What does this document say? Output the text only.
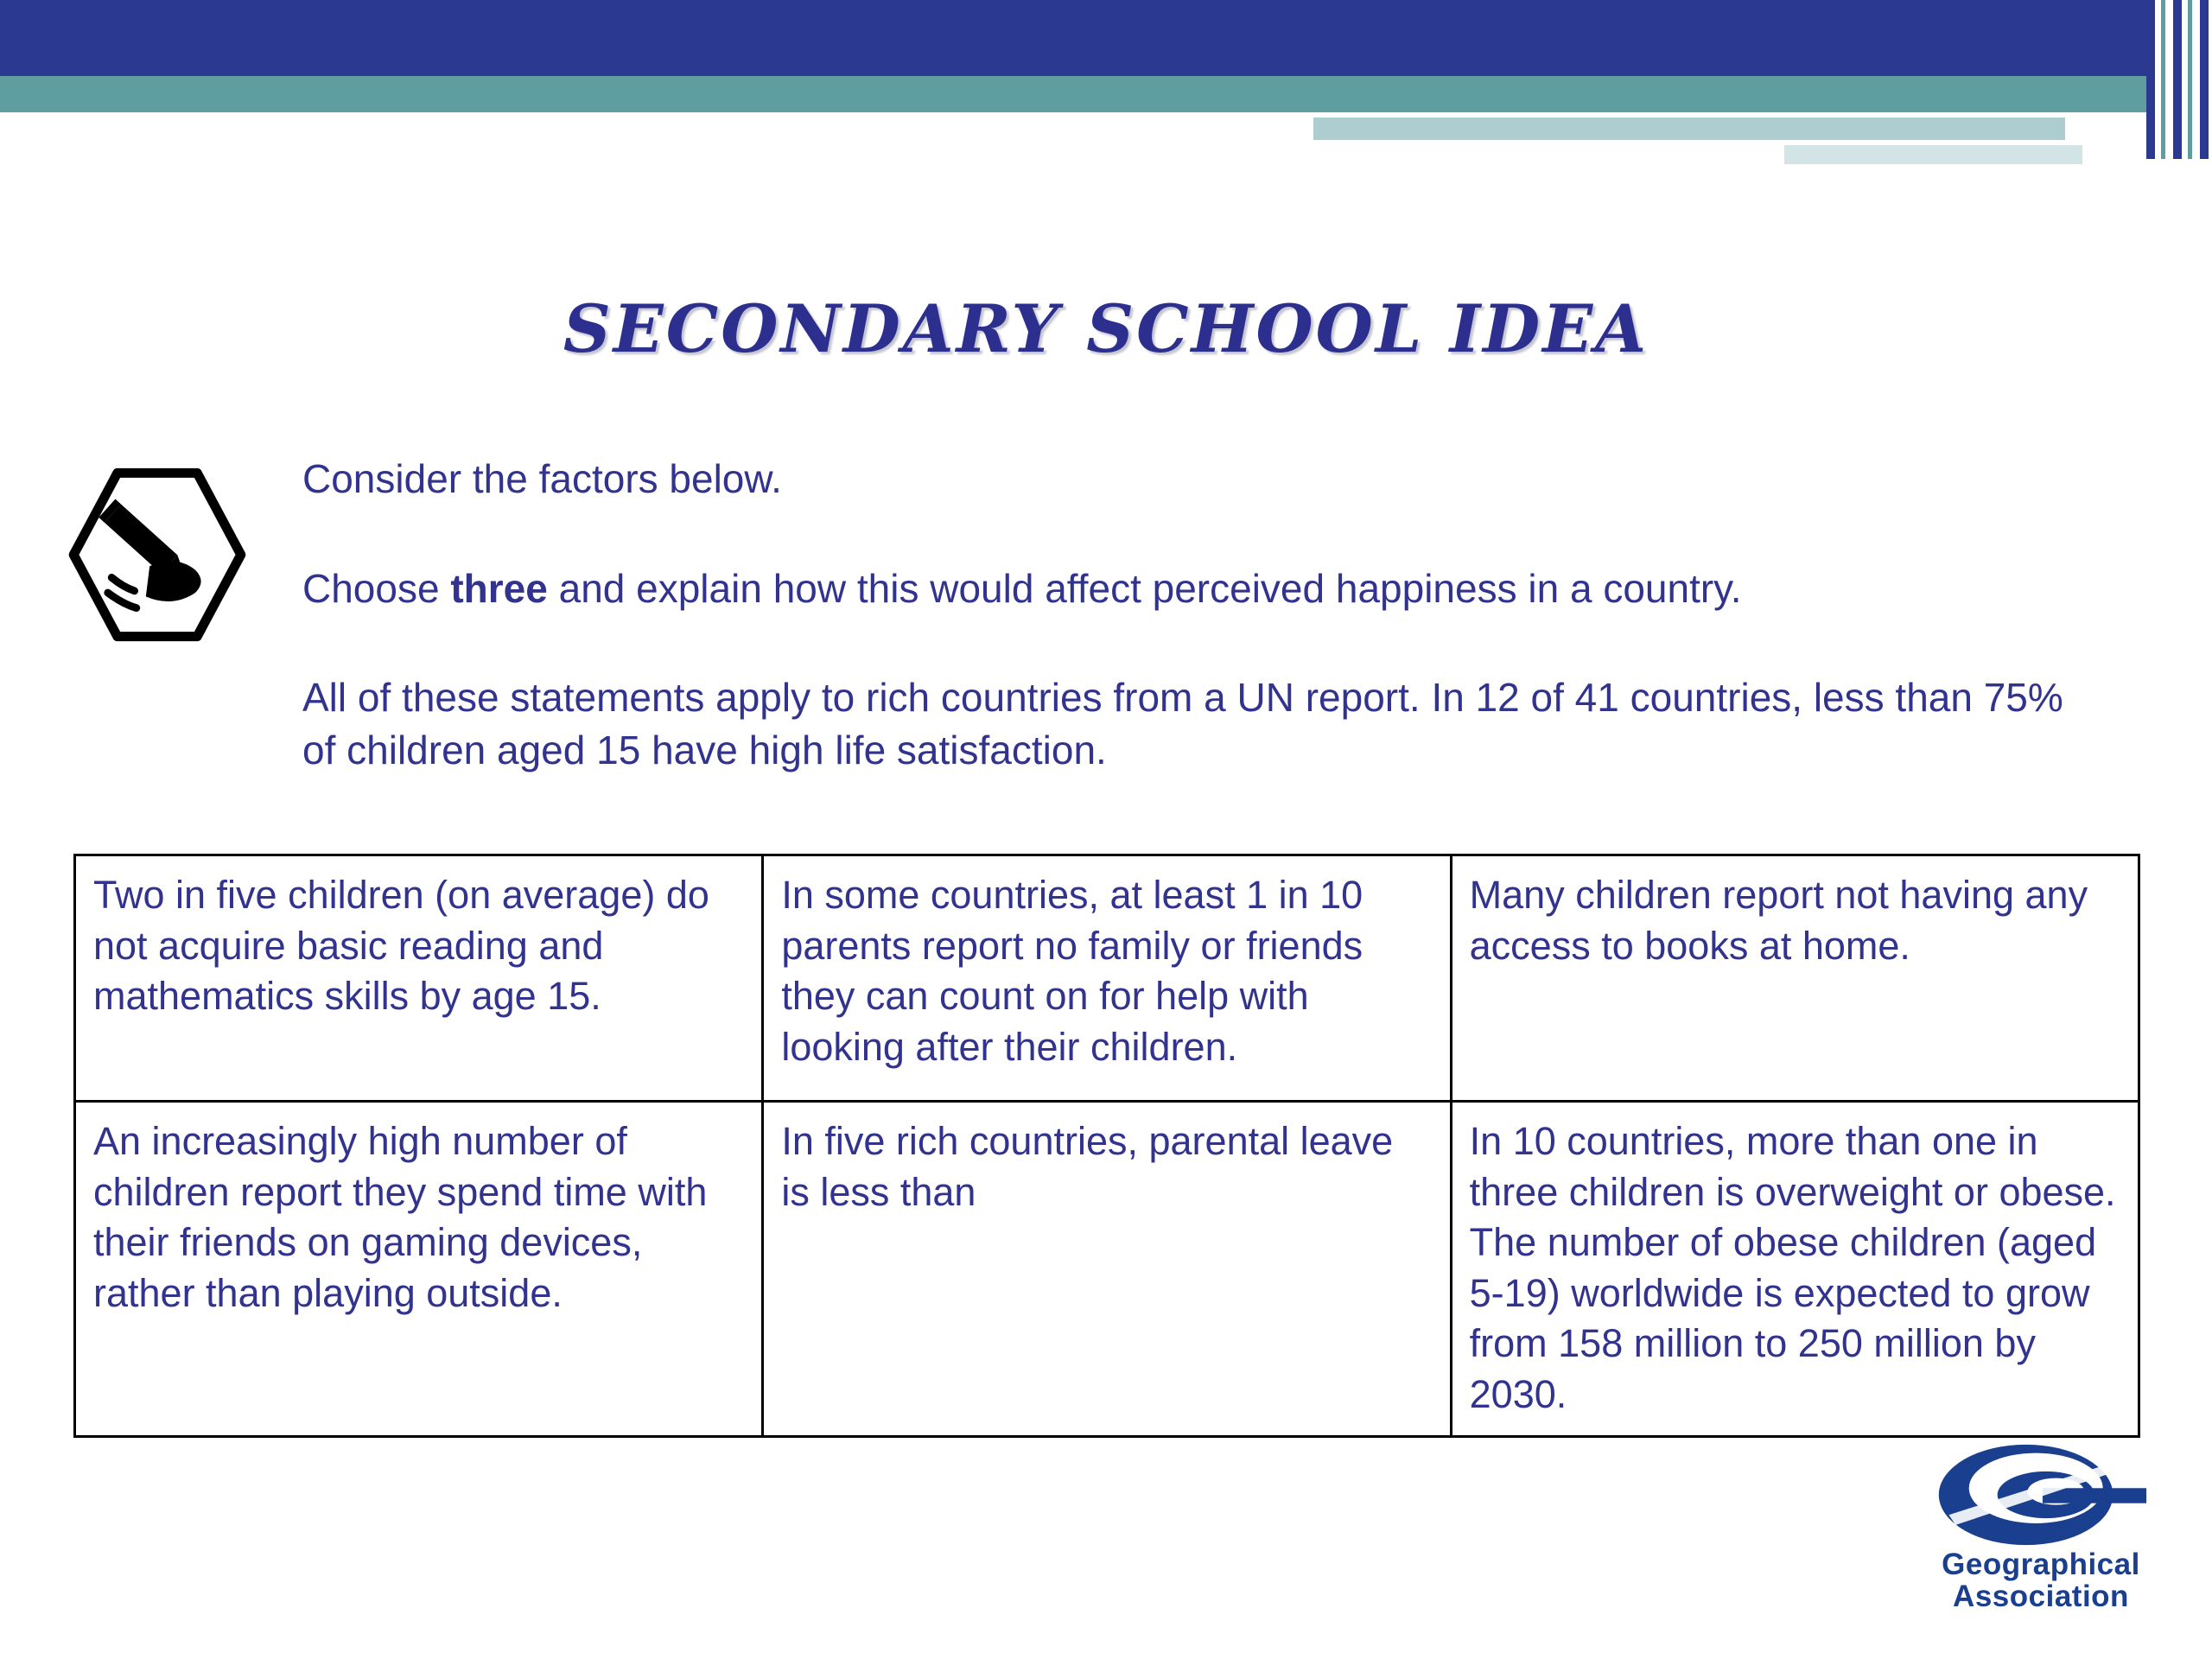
SECONDARY SCHOOL IDEA

Consider the factors below.

Choose three and explain how this would affect perceived happiness in a country.

All of these statements apply to rich countries from a UN report. In 12 of 41 countries, less than 75% of children aged 15 have high life satisfaction.

Two in five children (on average) do not acquire basic reading and mathematics skills by age 15.	In some countries, at least 1 in 10 parents report no family or friends they can count on for help with looking after their children.	Many children report not having any access to books at home.
An increasingly high number of children report they spend time with their friends on gaming devices, rather than playing outside.	In five rich countries, parental leave is less than	In 10 countries, more than one in three children is overweight or obese. The number of obese children (aged 5-19) worldwide is expected to grow from 158 million to 250 million by 2030.
Geographical
Association
